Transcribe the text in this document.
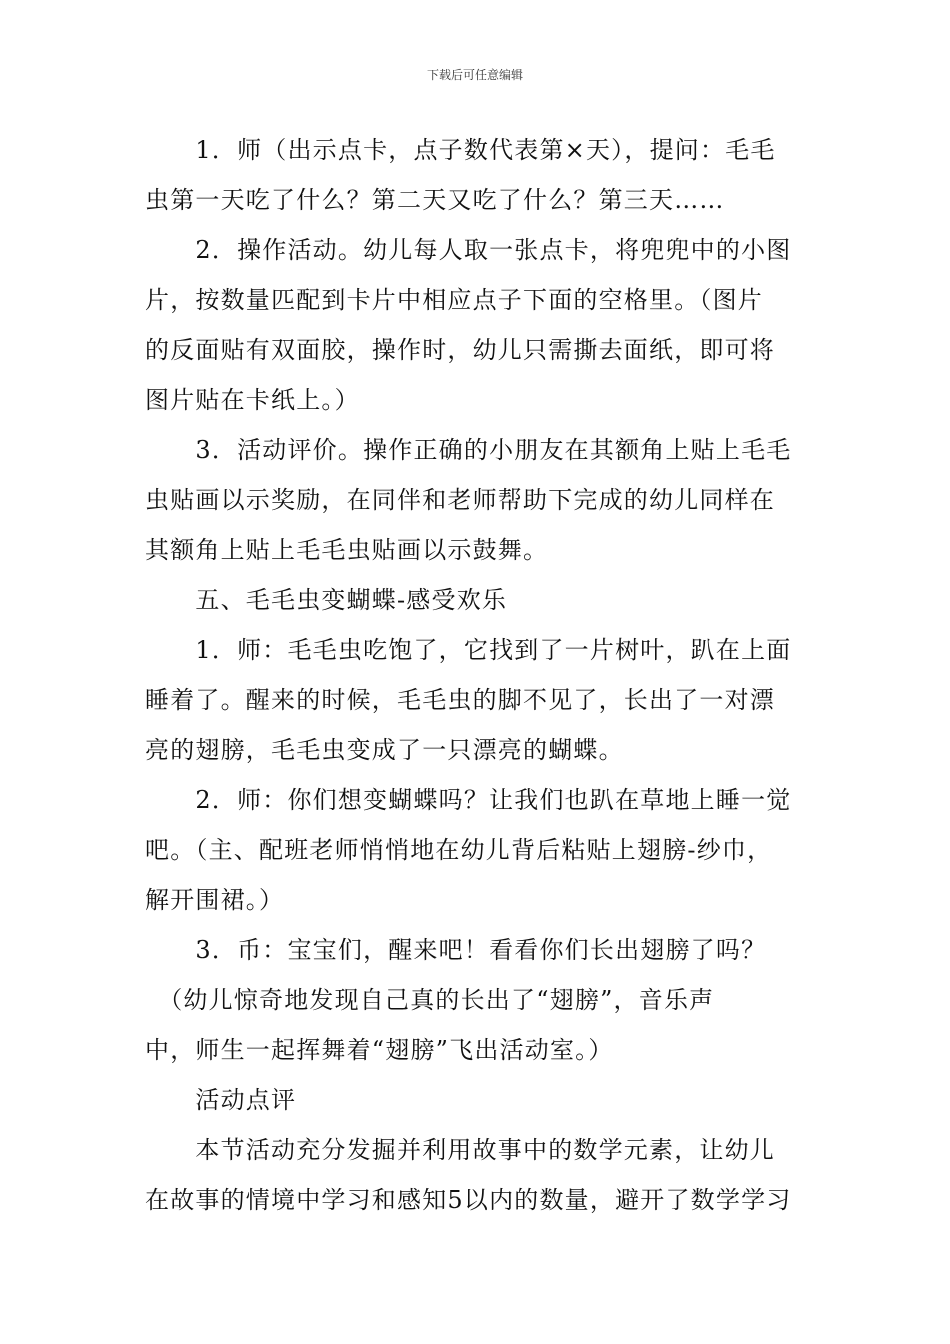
下载后可任意编辑
　　1．师（出示点卡，点子数代表第×天），提问：毛毛
虫第一天吃了什么？第二天又吃了什么？第三天……
　　2．操作活动。幼儿每人取一张点卡，将兜兜中的小图
片，按数量匹配到卡片中相应点子下面的空格里。（图片
的反面贴有双面胶，操作时，幼儿只需撕去面纸，即可将
图片贴在卡纸上。）
　　3．活动评价。操作正确的小朋友在其额角上贴上毛毛
虫贴画以示奖励，在同伴和老师帮助下完成的幼儿同样在
其额角上贴上毛毛虫贴画以示鼓舞。
　　五、毛毛虫变蝴蝶-感受欢乐
　　1．师：毛毛虫吃饱了，它找到了一片树叶，趴在上面
睡着了。醒来的时候，毛毛虫的脚不见了，长出了一对漂
亮的翅膀，毛毛虫变成了一只漂亮的蝴蝶。
　　2．师：你们想变蝴蝶吗？让我们也趴在草地上睡一觉
吧。（主、配班老师悄悄地在幼儿背后粘贴上翅膀-纱巾，
解开围裙。）
　　3．币：宝宝们，醒来吧！看看你们长出翅膀了吗？
　（幼儿惊奇地发现自己真的长出了“翅膀”，音乐声
中，师生一起挥舞着“翅膀”飞出活动室。）
　　活动点评
　　本节活动充分发掘并利用故事中的数学元素，让幼儿
在故事的情境中学习和感知5以内的数量，避开了数学学习
